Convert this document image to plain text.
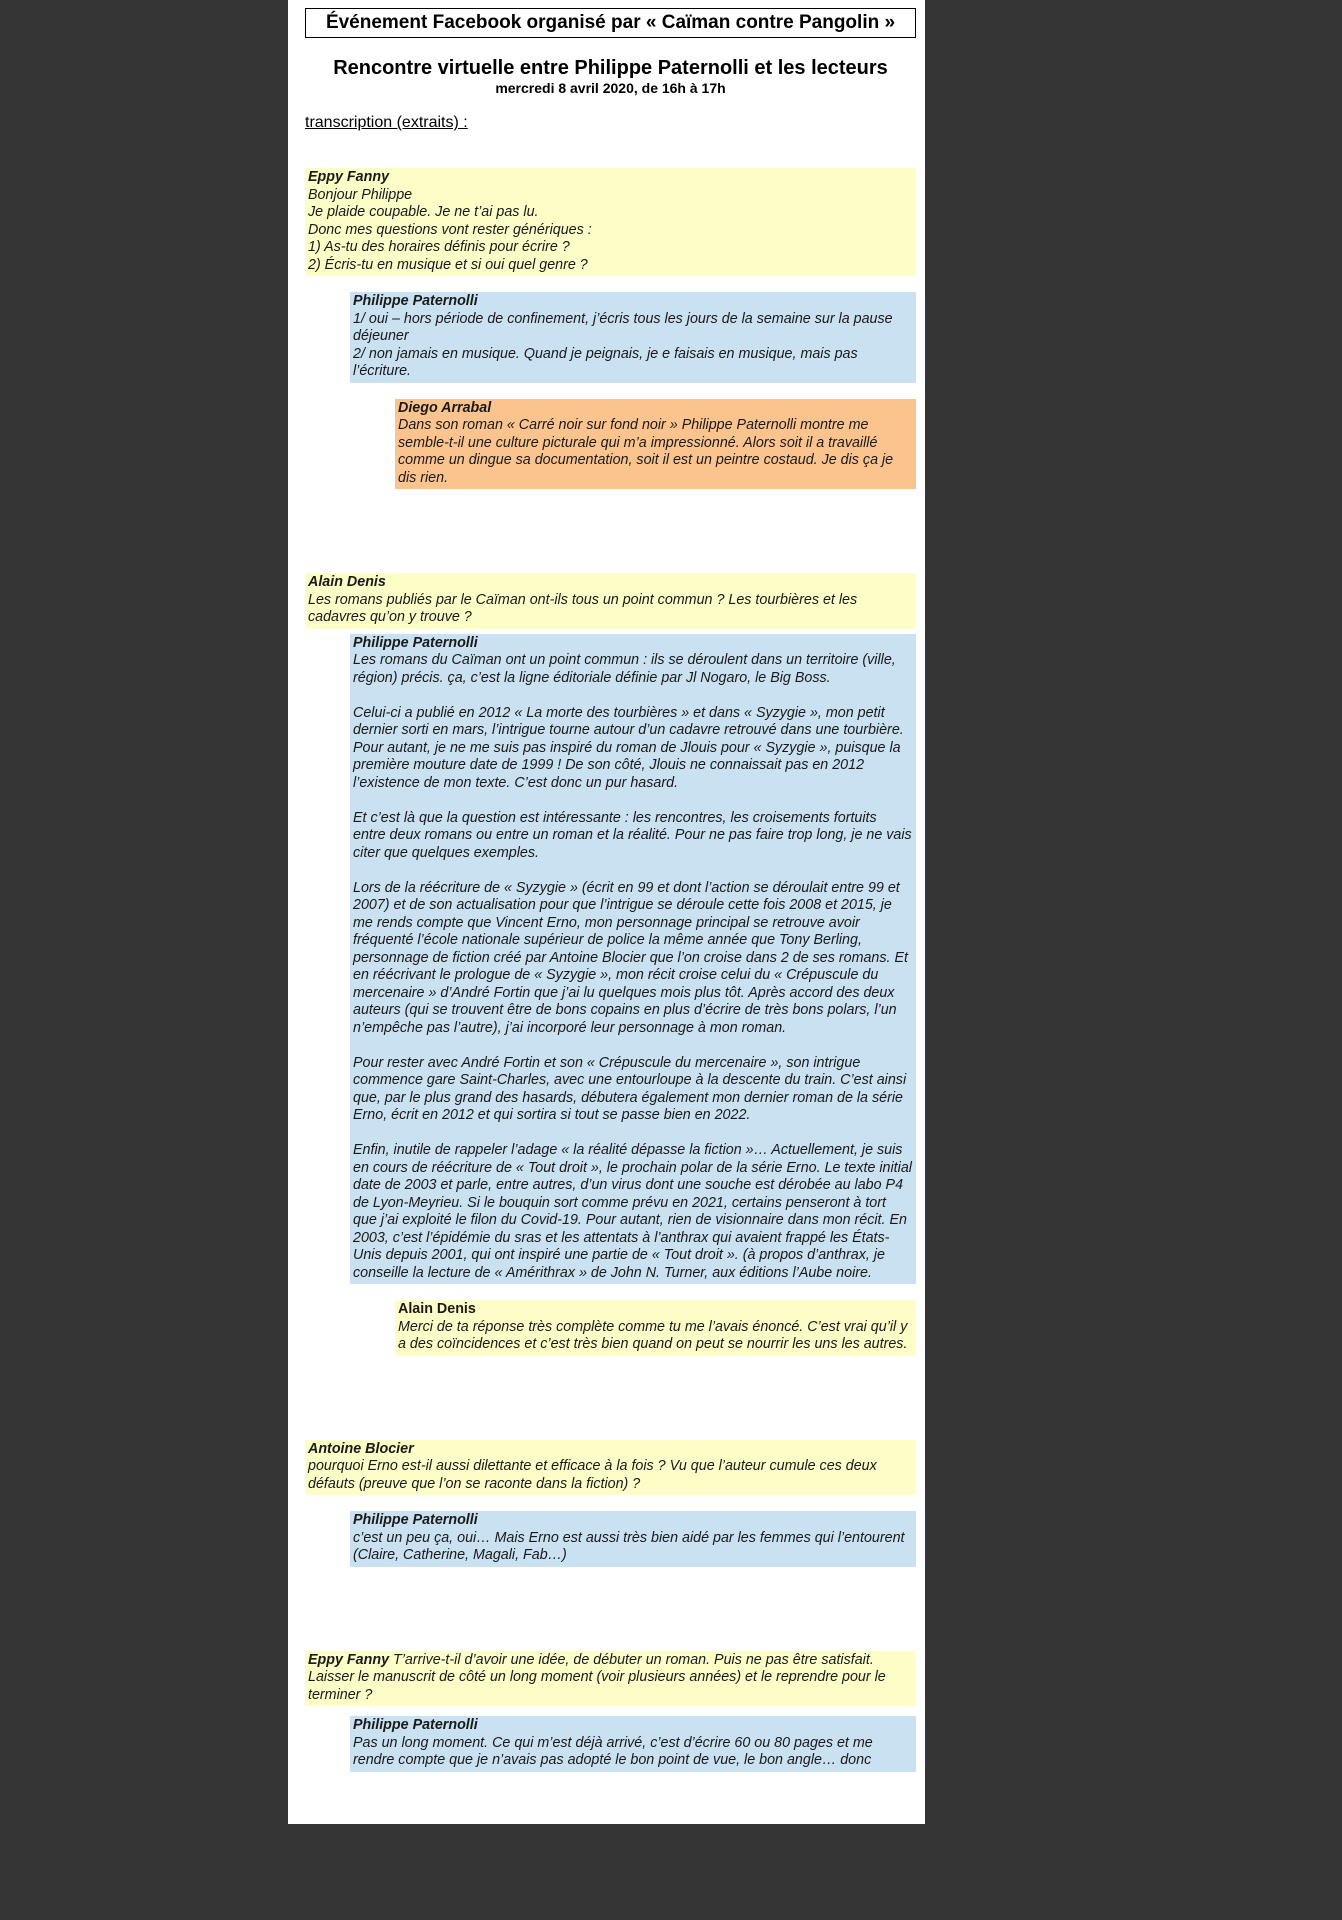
Événement Facebook organisé par « Caïman contre Pangolin »
Rencontre virtuelle entre Philippe Paternolli et les lecteurs
mercredi 8 avril 2020, de 16h à 17h
transcription (extraits) :
Eppy Fanny

Bonjour Philippe

Je plaide coupable. Je ne t’ai pas lu.

Donc mes questions vont rester génériques :

1) As-tu des horaires définis pour écrire ?

2) Écris-tu en musique et si oui quel genre ?

Philippe Paternolli

1/ oui – hors période de confinement, j’écris tous les jours de la semaine sur la pause déjeuner

2/ non jamais en musique. Quand je peignais, je e faisais en musique, mais pas l’écriture.

Diego Arrabal

Dans son roman « Carré noir sur fond noir » Philippe Paternolli montre me semble-t-il une culture picturale qui m’a impressionné. Alors soit il a travaillé comme un dingue sa documentation, soit il est un peintre costaud. Je dis ça je dis rien.

Alain Denis

Les romans publiés par le Caïman ont-ils tous un point commun ? Les tourbières et les cadavres qu’on y trouve ?

Philippe Paternolli

Les romans du Caïman ont un point commun : ils se déroulent dans un territoire (ville, région) précis. ça, c’est la ligne éditoriale définie par Jl Nogaro, le Big Boss.

Celui-ci a publié en 2012 « La morte des tourbières » et dans « Syzygie », mon petit dernier sorti en mars, l’intrigue tourne autour d’un cadavre retrouvé dans une tourbière. Pour autant, je ne me suis pas inspiré du roman de Jlouis pour « Syzygie », puisque la première mouture date de 1999 ! De son côté, Jlouis ne connaissait pas en 2012 l’existence de mon texte. C’est donc un pur hasard.

Et c’est là que la question est intéressante : les rencontres, les croisements fortuits entre deux romans ou entre un roman et la réalité. Pour ne pas faire trop long, je ne vais citer que quelques exemples.

Lors de la réécriture de « Syzygie » (écrit en 99 et dont l’action se déroulait entre 99 et 2007) et de son actualisation pour que l’intrigue se déroule cette fois 2008 et 2015, je me rends compte que Vincent Erno, mon personnage principal se retrouve avoir fréquenté l’école nationale supérieur de police la même année que Tony Berling, personnage de fiction créé par Antoine Blocier que l’on croise dans 2 de ses romans. Et en réécrivant le prologue de « Syzygie », mon récit croise celui du « Crépuscule du mercenaire » d’André Fortin que j’ai lu quelques mois plus tôt. Après accord des deux auteurs (qui se trouvent être de bons copains en plus d’écrire de très bons polars, l’un n’empêche pas l’autre), j’ai incorporé leur personnage à mon roman.

Pour rester avec André Fortin et son « Crépuscule du mercenaire », son intrigue commence gare Saint-Charles, avec une entourloupe à la descente du train. C’est ainsi que, par le plus grand des hasards, débutera également mon dernier roman de la série Erno, écrit en 2012 et qui sortira si tout se passe bien en 2022.

Enfin, inutile de rappeler l’adage « la réalité dépasse la fiction »… Actuellement, je suis en cours de réécriture de « Tout droit », le prochain polar de la série Erno. Le texte initial date de 2003 et parle, entre autres, d’un virus dont une souche est dérobée au labo P4 de Lyon-Meyrieu. Si le bouquin sort comme prévu en 2021, certains penseront à tort que j’ai exploité le filon du Covid-19. Pour autant, rien de visionnaire dans mon récit. En 2003, c’est l’épidémie du sras et les attentats à l’anthrax qui avaient frappé les États-Unis depuis 2001, qui ont inspiré une partie de « Tout droit ». (à propos d’anthrax, je conseille la lecture de « Amérithrax » de John N. Turner, aux éditions l’Aube noire.

Alain Denis

Merci de ta réponse très complète comme tu me l’avais énoncé. C’est vrai qu’il y a des coïncidences et c’est très bien quand on peut se nourrir les uns les autres.

Antoine Blocier

pourquoi Erno est-il aussi dilettante et efficace à la fois ? Vu que l’auteur cumule ces deux défauts (preuve que l’on se raconte dans la fiction) ?

Philippe Paternolli

c’est un peu ça, oui… Mais Erno est aussi très bien aidé par les femmes qui l’entourent (Claire, Catherine, Magali, Fab…)

Eppy Fanny T’arrive-t-il d’avoir une idée, de débuter un roman. Puis ne pas être satisfait. Laisser le manuscrit de côté un long moment (voir plusieurs années) et le reprendre pour le terminer ?

Philippe Paternolli

Pas un long moment. Ce qui m’est déjà arrivé, c’est d’écrire 60 ou 80 pages et me rendre compte que je n’avais pas adopté le bon point de vue, le bon angle… donc
